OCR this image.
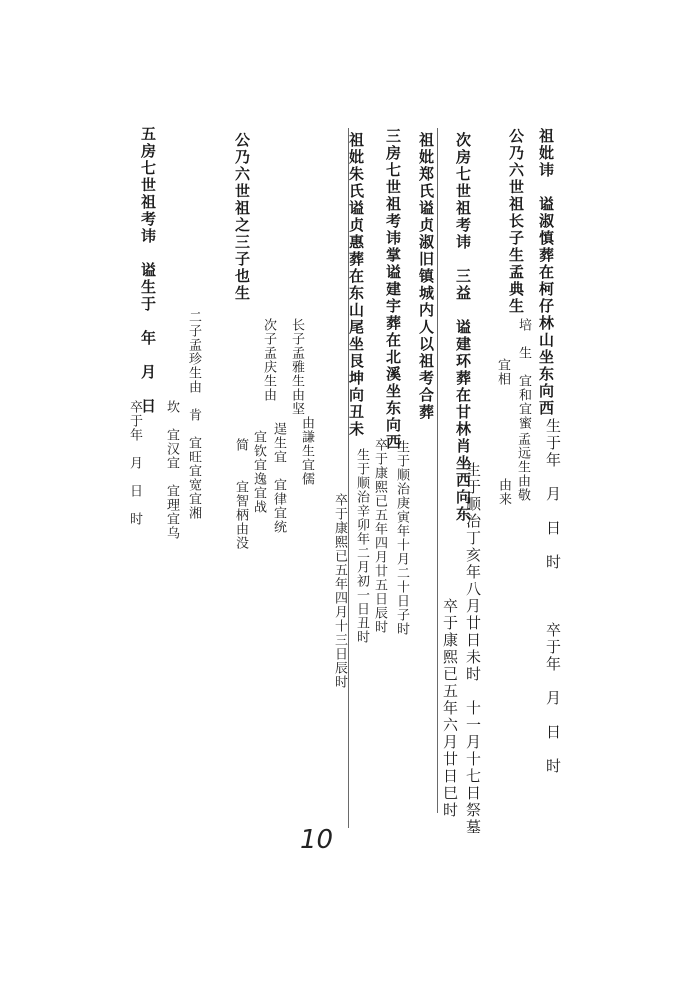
祖妣讳　谥淑慎葬在柯仔林山坐东向西
生于年　月　日　时　　　卒于年　月　日　时
公乃六世祖长子生孟典生
培　生　宜和宜蜜
宜相
孟远生由敬
由来
次房七世祖考讳　三益　谥建环葬在甘林肖坐西向东
生于顺治丁亥年八月廿日未时　十一月十七日祭墓
卒于康熙已五年六月廿日巳时
祖妣郑氏谥贞淑旧镇城内人以祖考合葬
三房七世祖考讳掌谥建宇葬在北溪坐东向西
生于顺治庚寅年十月二十日子时
卒于康熙已五年四月廿五日辰时
祖妣朱氏谥贞惠葬在东山尾坐艮坤向丑未
生于顺治辛卯年二月初一日丑时
卒于康熙已五年四月十三日辰时
长子孟雅生由坚
由謙生宜儒
次子孟庆生由
逞生宜　宜律宜统
宜钦宜逸宜战
简　　宜智柄由没
公乃六世祖之三子也生
二子孟珍生由　肯　宜旺宜宽宜湘
坎　宜汉宜　宜理宜乌
五房七世祖考讳　谥生于　年　月　日
卒于年　月　日　时
10
